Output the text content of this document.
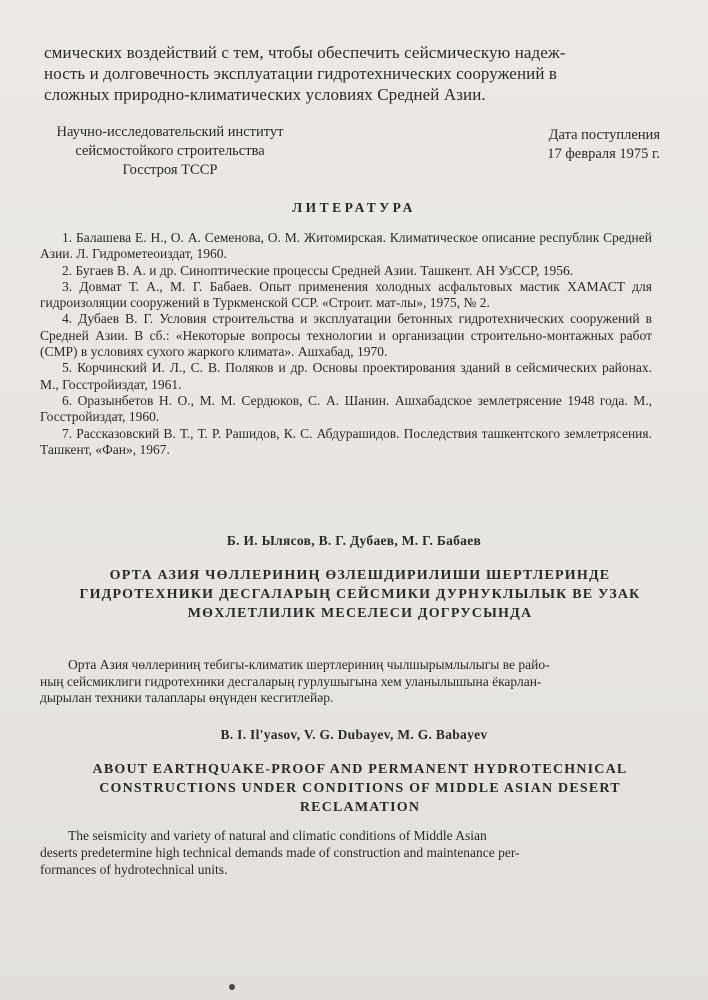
смических воздействий с тем, чтобы обеспечить сейсмическую надеж-
ность и долговечность эксплуатации гидротехнических сооружений в
сложных природно-климатических условиях Средней Азии.
Научно-исследовательский институт
сейсмостойкого строительства
Госстроя ТССР
Дата поступления
17 февраля 1975 г.
ЛИТЕРАТУРА
1. Балашева Е. Н., О. А. Семенова, О. М. Житомирская. Климатическое описание республик Средней Азии. Л. Гидрометеоиздат, 1960.
2. Бугаев В. А. и др. Синоптические процессы Средней Азии. Ташкент. АН УзССР, 1956.
3. Довмат Т. А., М. Г. Бабаев. Опыт применения холодных асфальтовых мастик ХАМАСТ для гидроизоляции сооружений в Туркменской ССР. «Строит. мат-лы», 1975, № 2.
4. Дубаев В. Г. Условия строительства и эксплуатации бетонных гидротехнических сооружений в Средней Азии. В сб.: «Некоторые вопросы технологии и организации строительно-монтажных работ (СМР) в условиях сухого жаркого климата». Ашхабад, 1970.
5. Корчинский И. Л., С. В. Поляков и др. Основы проектирования зданий в сейсмических районах. М., Госстройиздат, 1961.
6. Оразынбетов Н. О., М. М. Сердюков, С. А. Шанин. Ашхабадское землетрясение 1948 года. М., Госстройиздат, 1960.
7. Рассказовский В. Т., Т. Р. Рашидов, К. С. Абдурашидов. Последствия ташкентского землетрясения. Ташкент, «Фан», 1967.
Б. И. Ылясов, В. Г. Дубаев, М. Г. Бабаев
ОРТА АЗИЯ ЧӨЛЛЕРИНИҢ ӨЗЛЕШДИРИЛИШИ ШЕРТЛЕРИНДЕ
ГИДРОТЕХНИКИ ДЕСГАЛАРЫҢ СЕЙСМИКИ ДУРНУКЛЫЛЫК ВЕ УЗАК
МӨХЛЕТЛИЛИК МЕСЕЛЕСИ ДОГРУСЫНДА
Орта Азия чөллериниң тебигы-климатик шертлериниң чылшырымлылыгы ве райо-
ның сейсмиклиги гидротехники десгаларың гурлушыгына хем уланылышына ёкарлан-
дырылан техники талаплары өңүнден кесгитлейәр.
B. I. Il'yasov, V. G. Dubayev, M. G. Babayev
ABOUT EARTHQUAKE-PROOF AND PERMANENT HYDROTECHNICAL
CONSTRUCTIONS UNDER CONDITIONS OF MIDDLE ASIAN DESERT
RECLAMATION
The seismicity and variety of natural and climatic conditions of Middle Asian
deserts predetermine high technical demands made of construction and maintenance per-
formances of hydrotechnical units.
